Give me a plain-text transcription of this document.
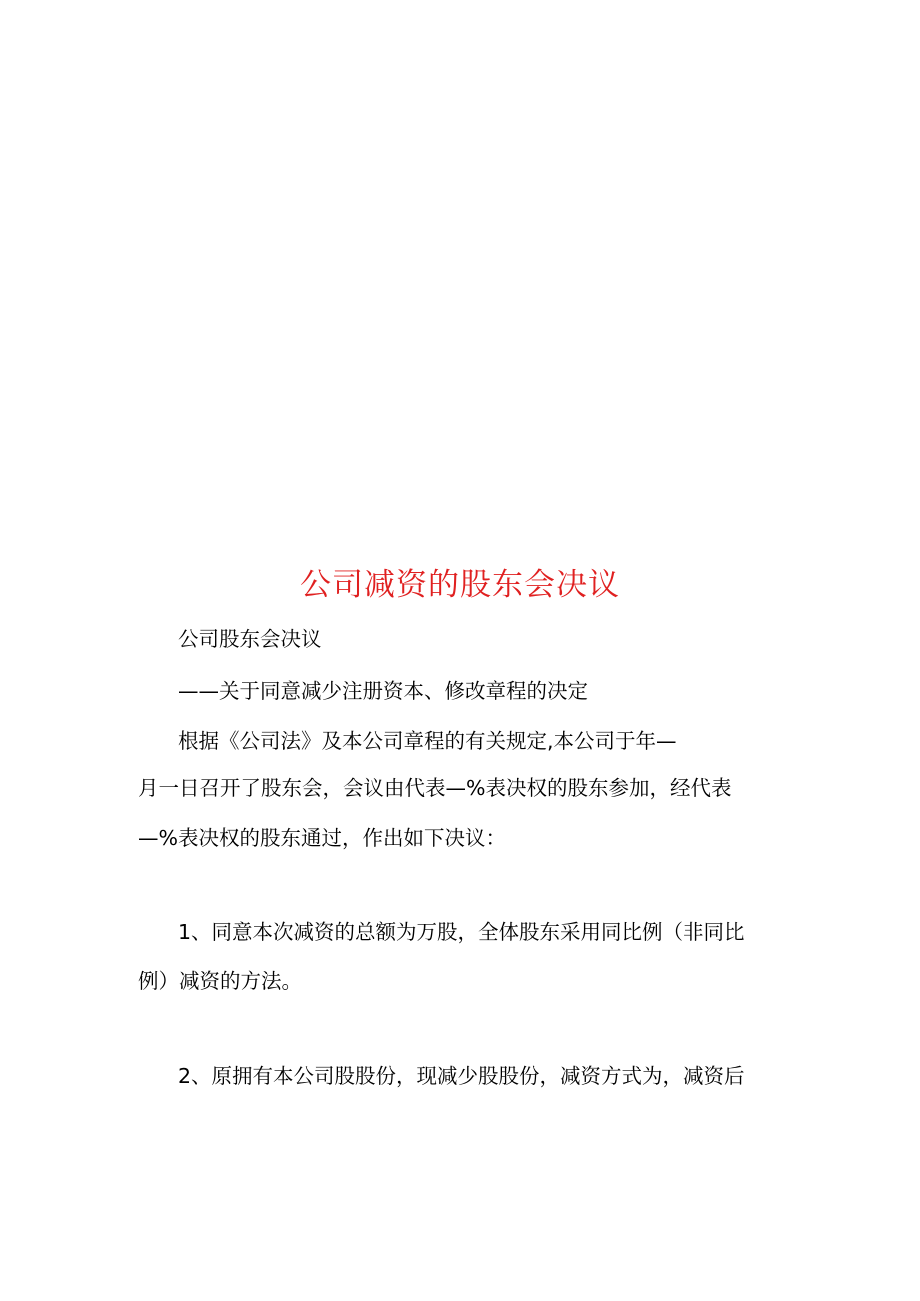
公司减资的股东会决议
公司股东会决议
——关于同意减少注册资本、修改章程的决定
根据《公司法》及本公司章程的有关规定,本公司于年—
月一日召开了股东会，会议由代表—%表决权的股东参加，经代表
—%表决权的股东通过，作出如下决议：
1、同意本次减资的总额为万股，全体股东采用同比例（非同比
例）减资的方法。
2、原拥有本公司股股份，现减少股股份，减资方式为，减资后
